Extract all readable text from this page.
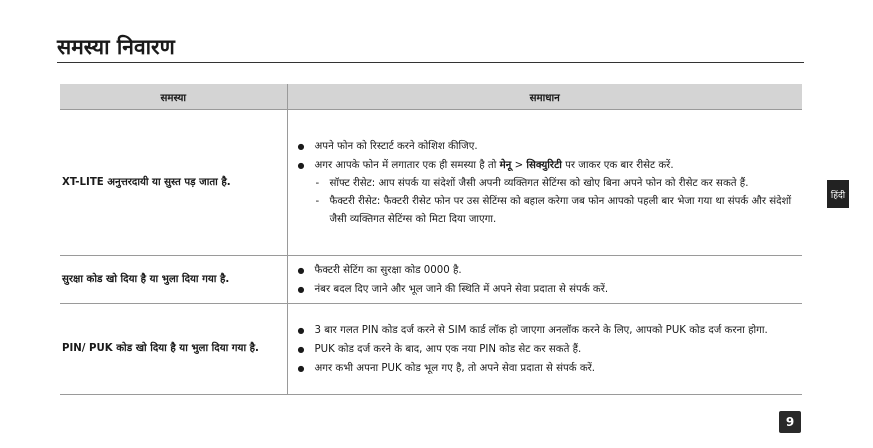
समस्या निवारण
समस्या	समाधान
XT-LITE अनुत्तरदायी या सुस्त पड़ जाता है.	● अपने फोन को रिस्टार्ट करने कोशिश कीजिए.
● अगर आपके फोन में लगातार एक ही समस्या है तो मेनू > सिक्युरिटी पर जाकर एक बार रीसेट करें.
- सॉफ्ट रीसेट: आप संपर्क या संदेशों जैसी अपनी व्यक्तिगत सेटिंग्स को खोए बिना अपने फोन को रीसेट कर सकते हैं.
- फैक्टरी रीसेट: फैक्टरी रीसेट फोन पर उस सेटिंग्स को बहाल करेगा जब फोन आपको पहली बार भेजा गया था संपर्क और संदेशों जैसी व्यक्तिगत सेटिंग्स को मिटा दिया जाएगा.

सुरक्षा कोड खो दिया है या भुला दिया गया है.	● फैक्टरी सेटिंग का सुरक्षा कोड 0000 है.
● नंबर बदल दिए जाने और भूल जाने की स्थिति में अपने सेवा प्रदाता से संपर्क करें.

PIN/ PUK कोड खो दिया है या भुला दिया गया है.	● 3 बार गलत PIN कोड दर्ज करने से SIM कार्ड लॉक हो जाएगा अनलॉक करने के लिए, आपको PUK कोड दर्ज करना होगा.
● PUK कोड दर्ज करने के बाद, आप एक नया PIN कोड सेट कर सकते हैं.
● अगर कभी अपना PUK कोड भूल गए है, तो अपने सेवा प्रदाता से संपर्क करें.
हिंदी
9
